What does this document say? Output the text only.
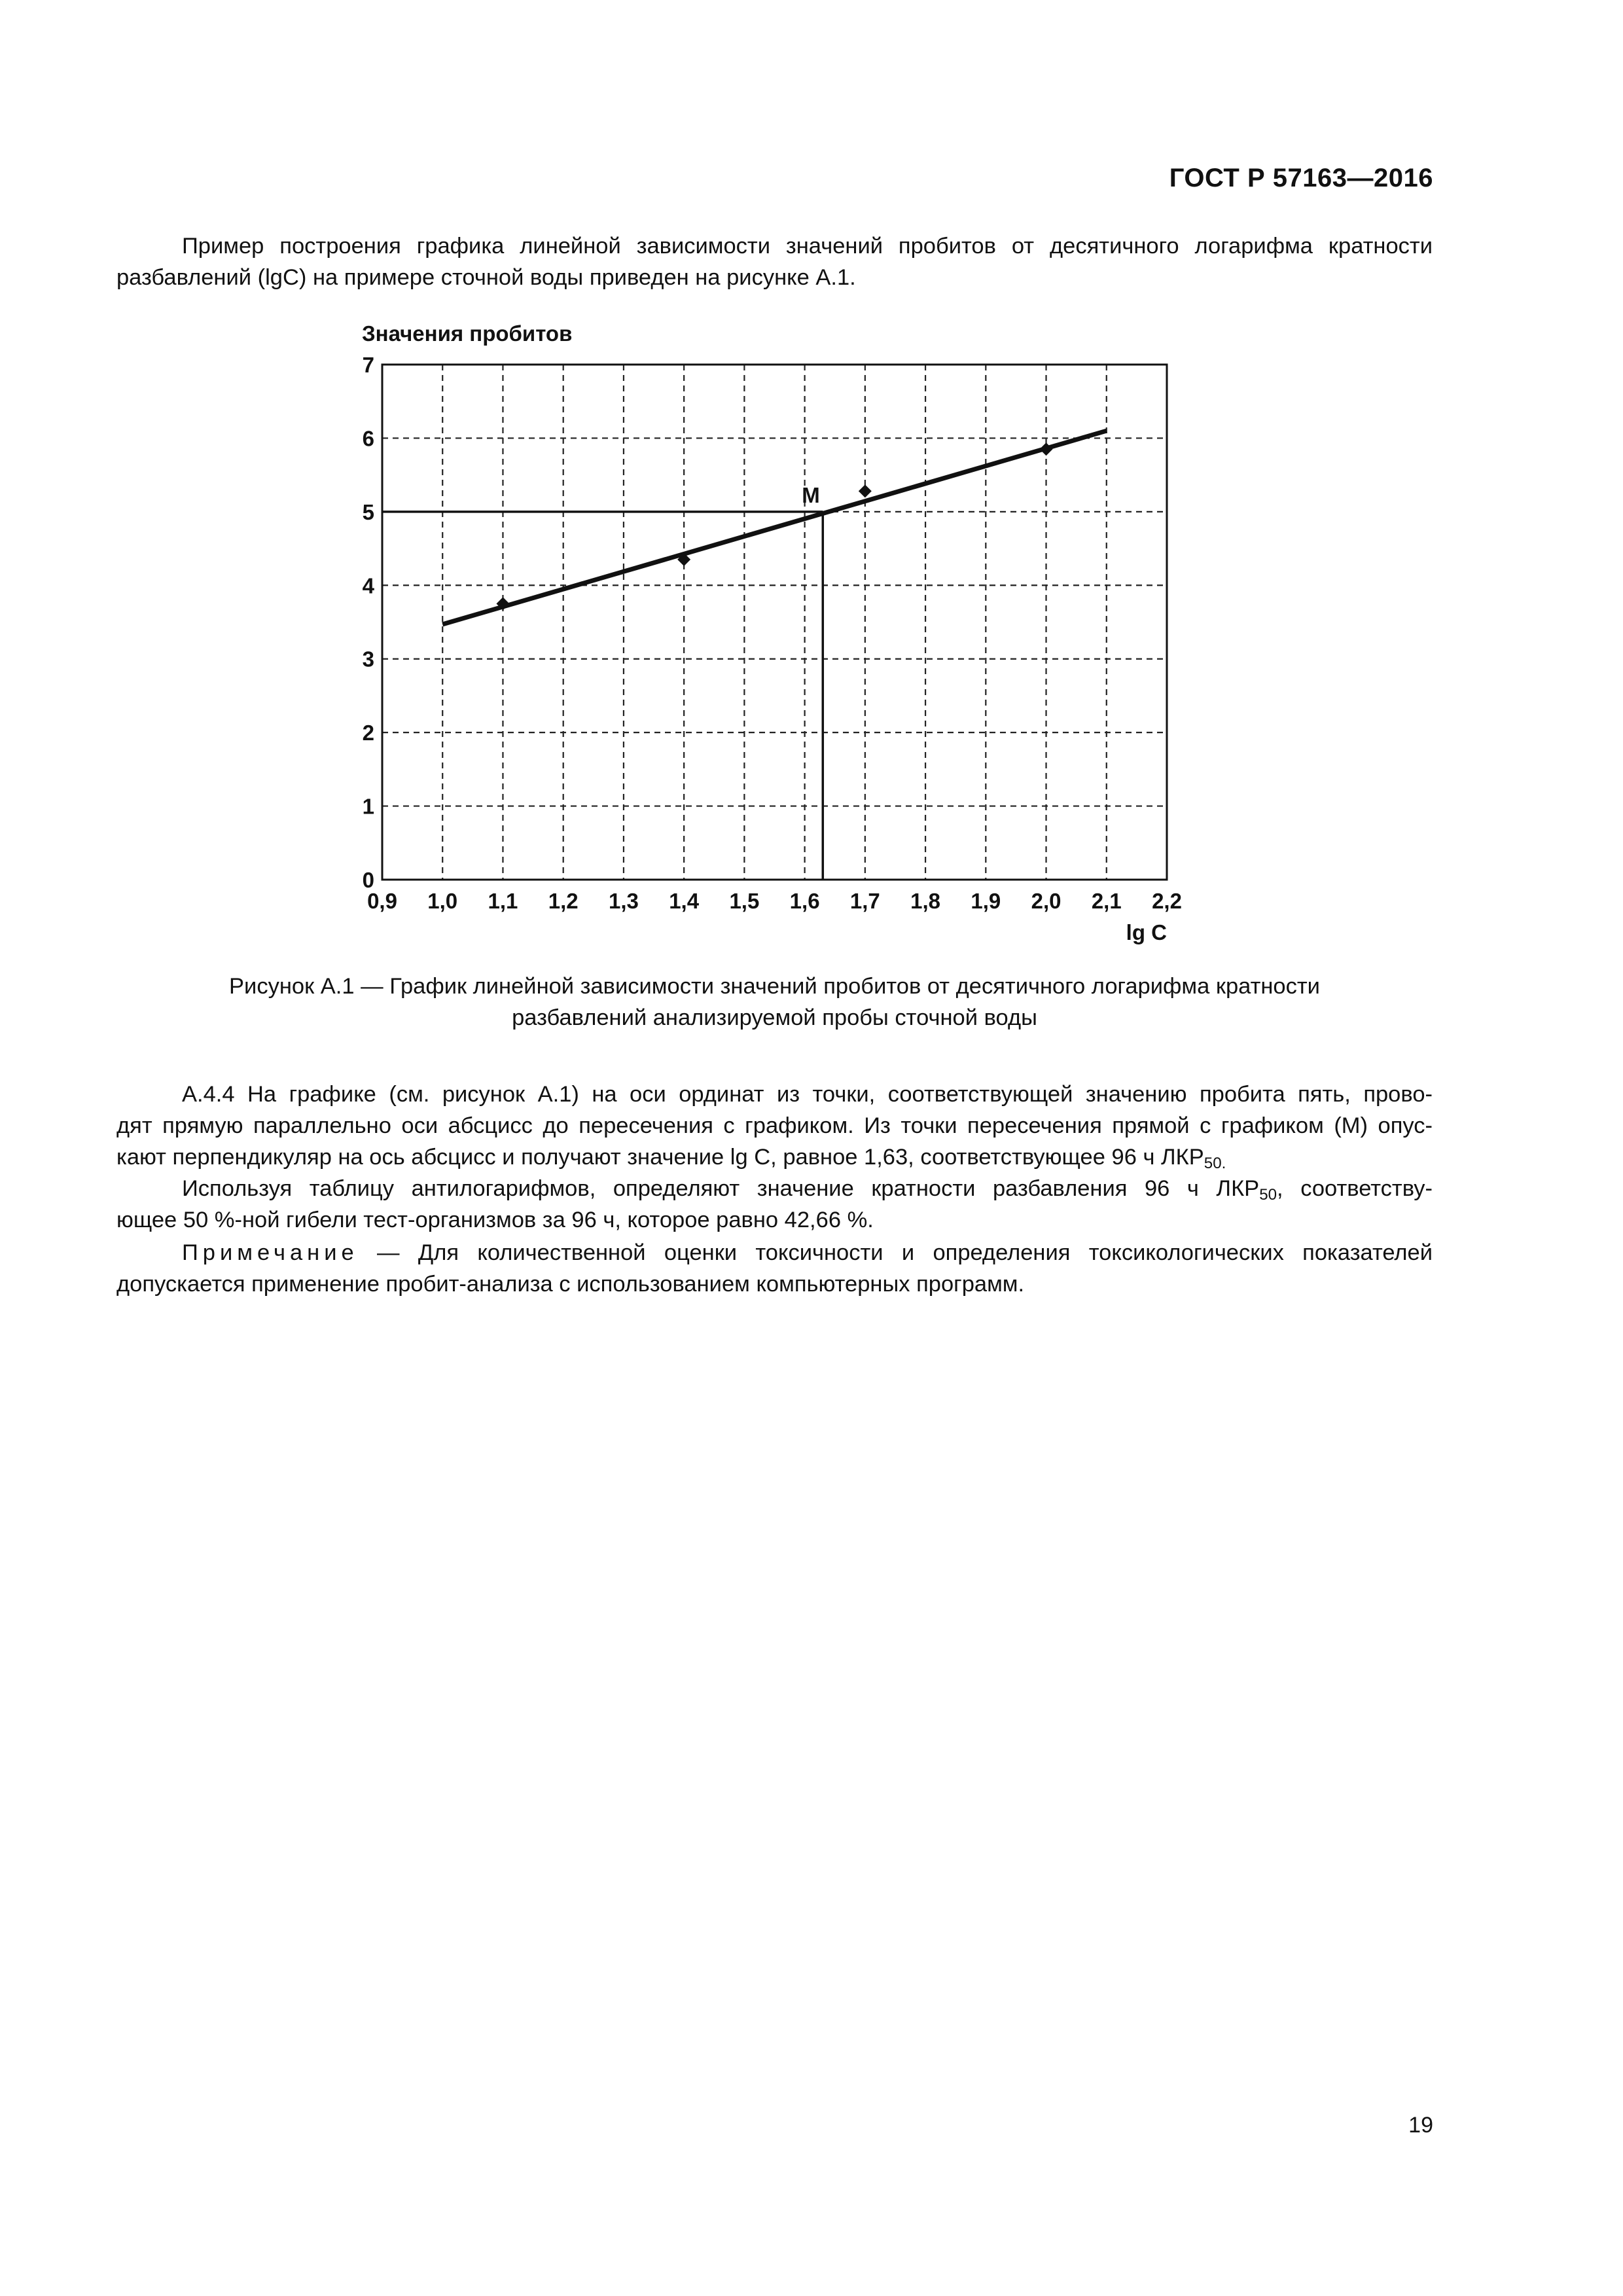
ГОСТ Р 57163—2016
Пример построения графика линейной зависимости значений пробитов от десятичного логарифма кратности
разбавлений (lgC) на примере сточной воды приведен на рисунке А.1.
0,9 1,0 1,1 1,2 1,3 1,4 1,5 1,6 1,7 1,8 1,9 2,0 2,1 2,2
0
1
2
3
4
5
6
7
Значения пробитов
lg C
M
Рисунок А.1 — График линейной зависимости значений пробитов от десятичного логарифма кратности
разбавлений анализируемой пробы сточной воды
А.4.4 На графике (см. рисунок А.1) на оси ординат из точки, соответствующей значению пробита пять, прово-
дят прямую параллельно оси абсцисс до пересечения с графиком. Из точки пересечения прямой с графиком (М) опус-
кают перпендикуляр на ось абсцисс и получают значение lg C, равное 1,63, соответствующее 96 ч $ЛКР_{50.}$
Используя таблицу антилогарифмов, определяют значение кратности разбавления 96 ч $ЛКР_{50}$, соответству-
ющее 50 %-ной гибели тест-организмов за 96 ч, которое равно 42,66 %.
Примечание — Для количественной оценки токсичности и определения токсикологических показателей
допускается применение пробит-анализа с использованием компьютерных программ.
19
